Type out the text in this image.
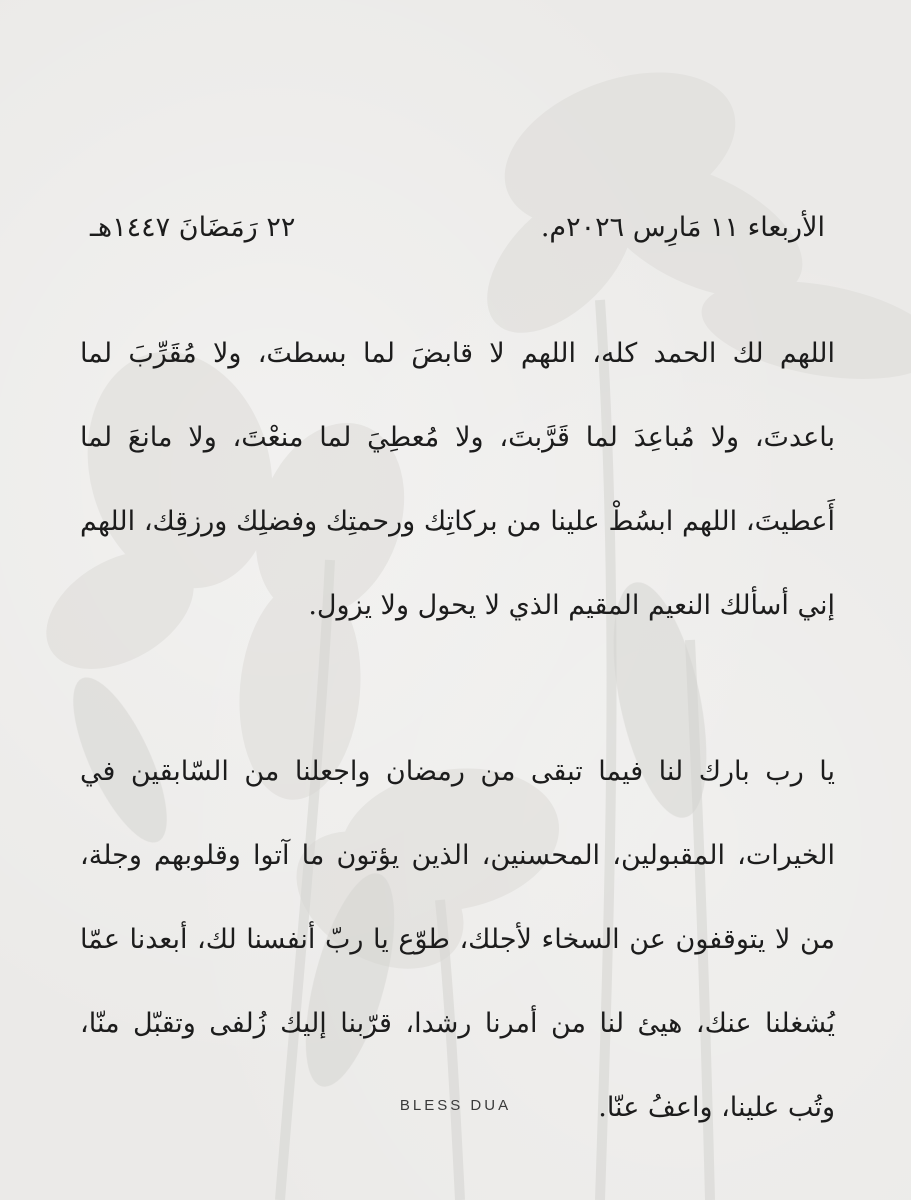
الأربعاء ١١ مَارِس ٢٠٢٦م.
٢٢ رَمَضَانَ ١٤٤٧هـ
اللهم لك الحمد كله، اللهم لا قابضَ لما بسطتَ، ولا مُقَرِّبَ لما باعدتَ، ولا مُباعِدَ لما قَرَّبتَ، ولا مُعطِيَ لما منعْتَ، ولا مانعَ لما أَعطيتَ، اللهم ابسُطْ علينا من بركاتِك ورحمتِك وفضلِك ورزقِك، اللهم إني أسألك النعيم المقيم الذي لا يحول ولا يزول.
يا رب بارك لنا فيما تبقى من رمضان واجعلنا من السّابقين في الخيرات، المقبولين، المحسنين، الذين يؤتون ما آتوا وقلوبهم وجلة، من لا يتوقفون عن السخاء لأجلك، طوّع يا ربّ أنفسنا لك، أبعدنا عمّا يُشغلنا عنك، هيئ لنا من أمرنا رشدا، قرّبنا إليك زُلفى وتقبّل منّا، وتُب علينا، واعفُ عنّا.
BLESS DUA
